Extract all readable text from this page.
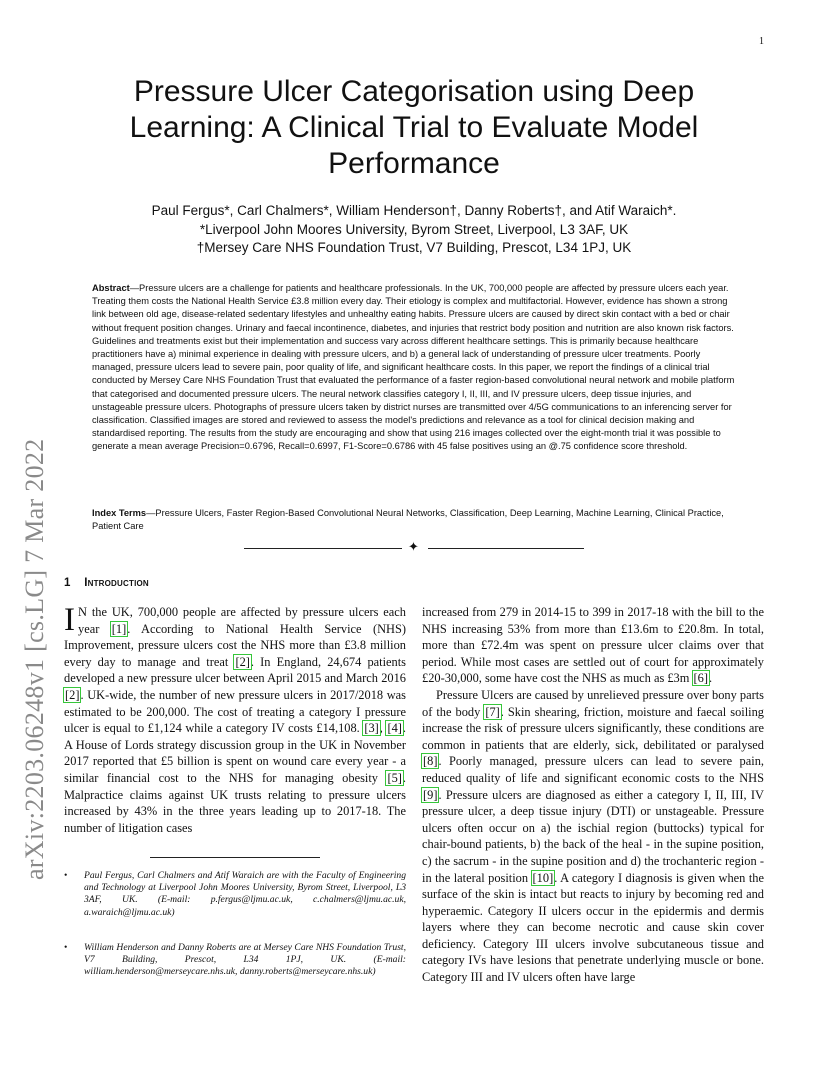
1
arXiv:2203.06248v1 [cs.LG] 7 Mar 2022
Pressure Ulcer Categorisation using Deep Learning: A Clinical Trial to Evaluate Model Performance
Paul Fergus*, Carl Chalmers*, William Henderson†, Danny Roberts†, and Atif Waraich*.
*Liverpool John Moores University, Byrom Street, Liverpool, L3 3AF, UK
†Mersey Care NHS Foundation Trust, V7 Building, Prescot, L34 1PJ, UK
Abstract—Pressure ulcers are a challenge for patients and healthcare professionals. In the UK, 700,000 people are affected by pressure ulcers each year. Treating them costs the National Health Service £3.8 million every day. Their etiology is complex and multifactorial. However, evidence has shown a strong link between old age, disease-related sedentary lifestyles and unhealthy eating habits. Pressure ulcers are caused by direct skin contact with a bed or chair without frequent position changes. Urinary and faecal incontinence, diabetes, and injuries that restrict body position and nutrition are also known risk factors. Guidelines and treatments exist but their implementation and success vary across different healthcare settings. This is primarily because healthcare practitioners have a) minimal experience in dealing with pressure ulcers, and b) a general lack of understanding of pressure ulcer treatments. Poorly managed, pressure ulcers lead to severe pain, poor quality of life, and significant healthcare costs. In this paper, we report the findings of a clinical trial conducted by Mersey Care NHS Foundation Trust that evaluated the performance of a faster region-based convolutional neural network and mobile platform that categorised and documented pressure ulcers. The neural network classifies category I, II, III, and IV pressure ulcers, deep tissue injuries, and unstageable pressure ulcers. Photographs of pressure ulcers taken by district nurses are transmitted over 4/5G communications to an inferencing server for classification. Classified images are stored and reviewed to assess the model's predictions and relevance as a tool for clinical decision making and standardised reporting. The results from the study are encouraging and show that using 216 images collected over the eight-month trial it was possible to generate a mean average Precision=0.6796, Recall=0.6997, F1-Score=0.6786 with 45 false positives using an @.75 confidence score threshold.
Index Terms—Pressure Ulcers, Faster Region-Based Convolutional Neural Networks, Classification, Deep Learning, Machine Learning, Clinical Practice, Patient Care
✦
1 Introduction

I N the UK, 700,000 people are affected by pressure ulcers each year [1]. According to National Health Service (NHS) Improvement, pressure ulcers cost the NHS more than £3.8 million every day to manage and treat [2]. In England, 24,674 patients developed a new pressure ulcer between April 2015 and March 2016 [2]. UK-wide, the number of new pressure ulcers in 2017/2018 was estimated to be 200,000. The cost of treating a category I pressure ulcer is equal to £1,124 while a category IV costs £14,108. [3], [4]. A House of Lords strategy discussion group in the UK in November 2017 reported that £5 billion is spent on wound care every year - a similar financial cost to the NHS for managing obesity [5]. Malpractice claims against UK trusts relating to pressure ulcers increased by 43% in the three years leading up to 2017-18. The number of litigation cases

increased from 279 in 2014-15 to 399 in 2017-18 with the bill to the NHS increasing 53% from more than £13.6m to £20.8m. In total, more than £72.4m was spent on pressure ulcer claims over that period. While most cases are settled out of court for approximately £20-30,000, some have cost the NHS as much as £3m [6].

Pressure Ulcers are caused by unrelieved pressure over bony parts of the body [7]. Skin shearing, friction, moisture and faecal soiling increase the risk of pressure ulcers significantly, these conditions are common in patients that are elderly, sick, debilitated or paralysed [8]. Poorly managed, pressure ulcers can lead to severe pain, reduced quality of life and significant economic costs to the NHS [9]. Pressure ulcers are diagnosed as either a category I, II, III, IV pressure ulcer, a deep tissue injury (DTI) or unstageable. Pressure ulcers often occur on a) the ischial region (buttocks) typical for chair-bound patients, b) the back of the heal - in the supine position, c) the sacrum - in the supine position and d) the trochanteric region - in the lateral position [10]. A category I diagnosis is given when the surface of the skin is intact but reacts to injury by becoming red and hyperaemic. Category II ulcers occur in the epidermis and dermis layers where they can become necrotic and cause skin cover deficiency. Category III ulcers involve subcutaneous tissue and category IVs have lesions that penetrate underlying muscle or bone. Category III and IV ulcers often have large

• Paul Fergus, Carl Chalmers and Atif Waraich are with the Faculty of Engineering and Technology at Liverpool John Moores University, Byrom Street, Liverpool, L3 3AF, UK. (E-mail: p.fergus@ljmu.ac.uk, c.chalmers@ljmu.ac.uk, a.waraich@ljmu.ac.uk)
• William Henderson and Danny Roberts are at Mersey Care NHS Foundation Trust, V7 Building, Prescot, L34 1PJ, UK. (E-mail: william.henderson@merseycare.nhs.uk, danny.roberts@merseycare.nhs.uk)
